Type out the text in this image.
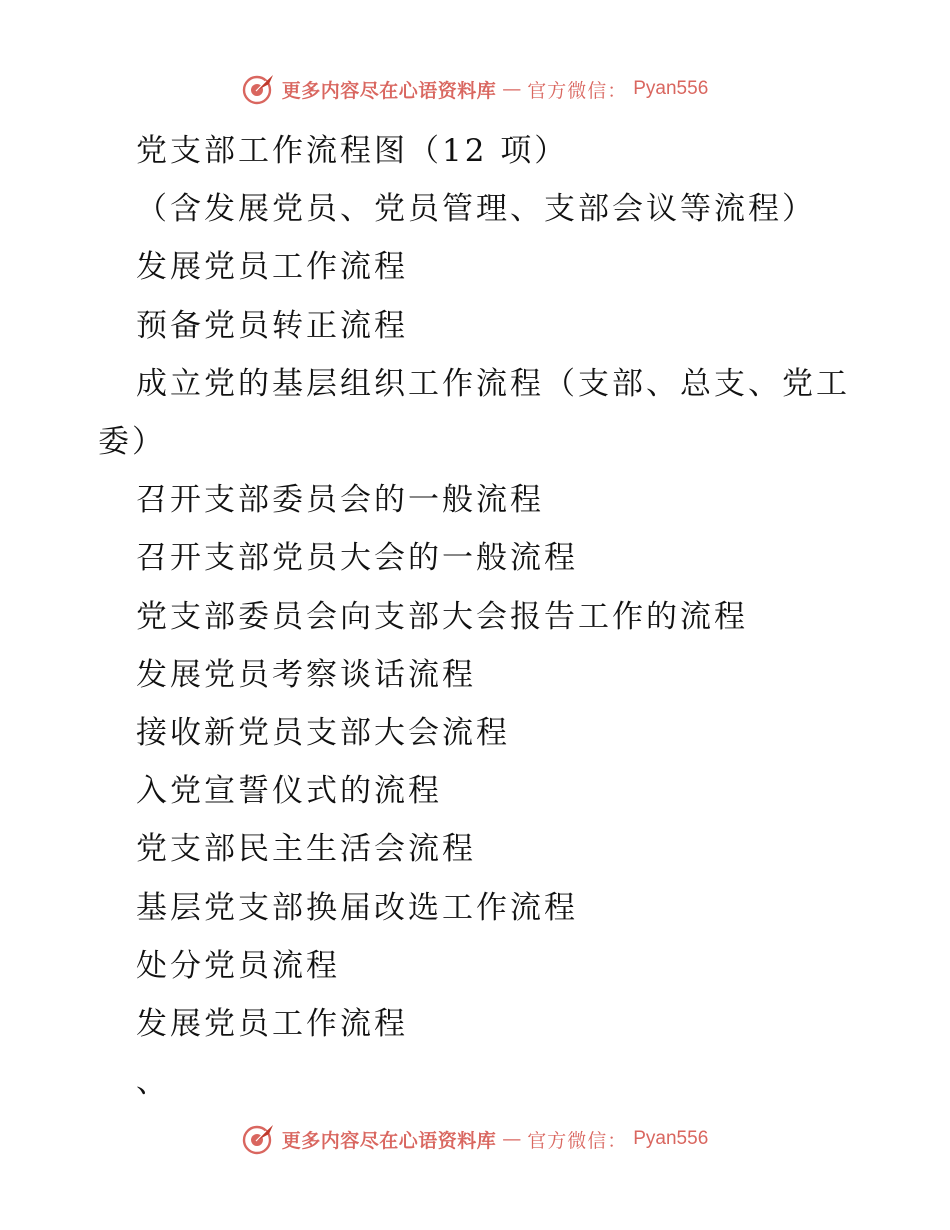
更多内容尽在心语资料库 — 官方微信： Pyan556

党支部工作流程图（12 项）

（含发展党员、党员管理、支部会议等流程）

发展党员工作流程

预备党员转正流程

成立党的基层组织工作流程（支部、总支、党工委）

召开支部委员会的一般流程

召开支部党员大会的一般流程

党支部委员会向支部大会报告工作的流程

发展党员考察谈话流程

接收新党员支部大会流程

入党宣誓仪式的流程

党支部民主生活会流程

基层党支部换届改选工作流程

处分党员流程

发展党员工作流程

、

更多内容尽在心语资料库 — 官方微信： Pyan556
